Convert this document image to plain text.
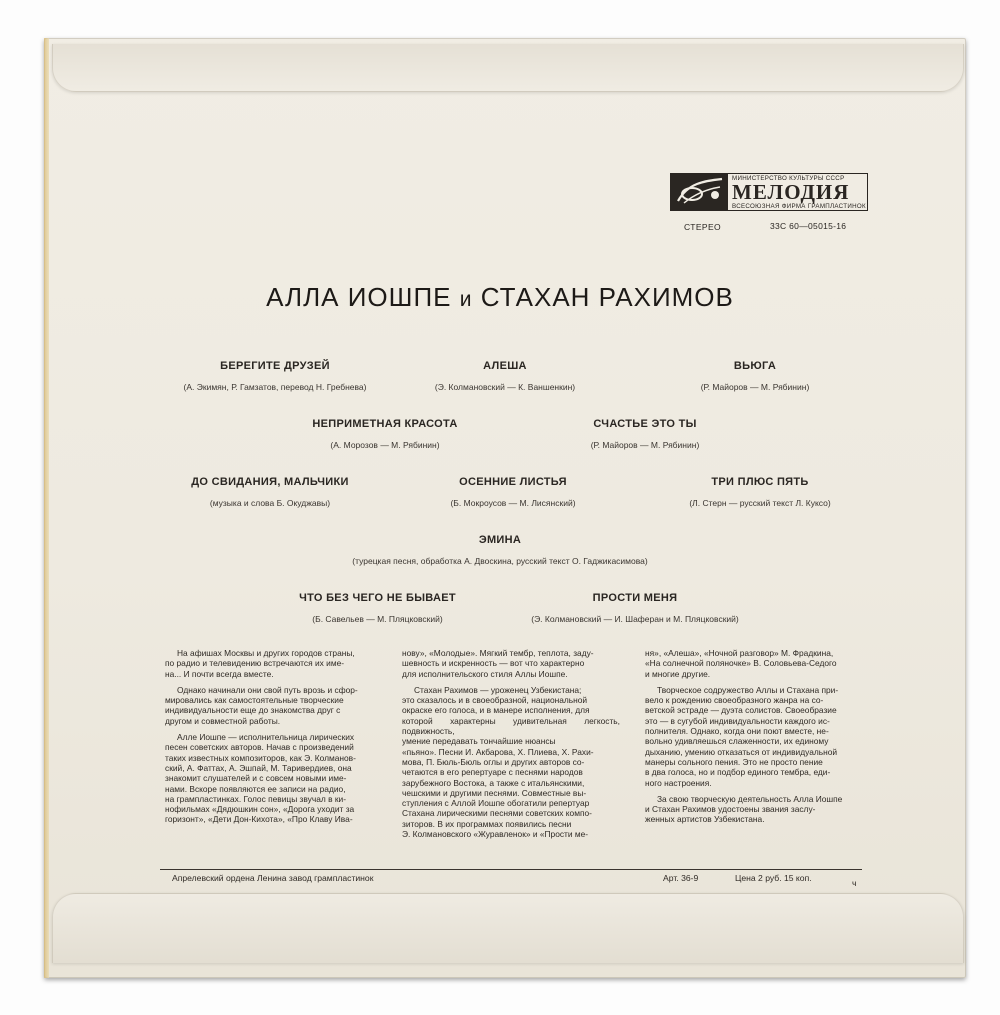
МИНИСТЕРСТВО КУЛЬТУРЫ СССР
МЕЛОДИЯ
ВСЕСОЮЗНАЯ ФИРМА ГРАМПЛАСТИНОК
СТЕРЕО	33С 60—05015-16
АЛЛА ИОШПЕ и СТАХАН РАХИМОВ
БЕРЕГИТЕ ДРУЗЕЙ
(А. Экимян, Р. Гамзатов, перевод Н. Гребнева)
АЛЕША
(Э. Колмановский — К. Ваншенкин)
ВЬЮГА
(Р. Майоров — М. Рябинин)
НЕПРИМЕТНАЯ КРАСОТА
(А. Морозов — М. Рябинин)
СЧАСТЬЕ ЭТО ТЫ
(Р. Майоров — М. Рябинин)
ДО СВИДАНИЯ, МАЛЬЧИКИ
(музыка и слова Б. Окуджавы)
ОСЕННИЕ ЛИСТЬЯ
(Б. Мокроусов — М. Лисянский)
ТРИ ПЛЮС ПЯТЬ
(Л. Стерн — русский текст Л. Куксо)
ЭМИНА
(турецкая песня, обработка А. Двоскина, русский текст О. Гаджикасимова)
ЧТО БЕЗ ЧЕГО НЕ БЫВАЕТ
(Б. Савельев — М. Пляцковский)
ПРОСТИ МЕНЯ
(Э. Колмановский — И. Шаферан и М. Пляцковский)

На афишах Москвы и других городов страны,
по радио и телевидению встречаются их име-
на... И почти всегда вместе.

Однако начинали они свой путь врозь и сфор-
мировались как самостоятельные творческие
индивидуальности еще до знакомства друг с
другом и совместной работы.

Алле Иошпе — исполнительница лирических
песен советских авторов. Начав с произведений
таких известных композиторов, как Э. Колманов-
ский, А. Фаттах, А. Эшпай, М. Таривердиев, она
знакомит слушателей и с совсем новыми име-
нами. Вскоре появляются ее записи на радио,
на грампластинках. Голос певицы звучал в ки-
нофильмах «Дядюшкин сон», «Дорога уходит за
горизонт», «Дети Дон-Кихота», «Про Клаву Ива-

нову», «Молодые». Мягкий тембр, теплота, заду-
шевность и искренность — вот что характерно
для исполнительского стиля Аллы Иошпе.

Стахан Рахимов — уроженец Узбекистана;
это сказалось и в своеобразной, национальной
окраске его голоса, и в манере исполнения, для
которой характерны удивительная легкость, подвижность,
умение передавать тончайшие нюансы
«пьяно». Песни И. Акбарова, Х. Плиева, Х. Рахи-
мова, П. Бюль-Бюль оглы и других авторов со-
четаются в его репертуаре с песнями народов
зарубежного Востока, а также с итальянскими,
чешскими и другими песнями. Совместные вы-
ступления с Аллой Иошпе обогатили репертуар
Стахана лирическими песнями советских компо-
зиторов. В их программах появились песни
Э. Колмановского «Журавленок» и «Прости ме-

ня», «Алеша», «Ночной разговор» М. Фрадкина,
«На солнечной поляночке» В. Соловьева-Седого
и многие другие.

Творческое содружество Аллы и Стахана при-
вело к рождению своеобразного жанра на со-
ветской эстраде — дуэта солистов. Своеобразие
это — в сугубой индивидуальности каждого ис-
полнителя. Однако, когда они поют вместе, не-
вольно удивляешься слаженности, их единому
дыханию, умению отказаться от индивидуальной
манеры сольного пения. Это не просто пение
в два голоса, но и подбор единого тембра, еди-
ного настроения.

За свою творческую деятельность Алла Иошпе
и Стахан Рахимов удостоены звания заслу-
женных артистов Узбекистана.

Апрелевский ордена Ленина завод грампластинок	Арт. 36-9	Цена 2 руб. 15 коп.	ч
